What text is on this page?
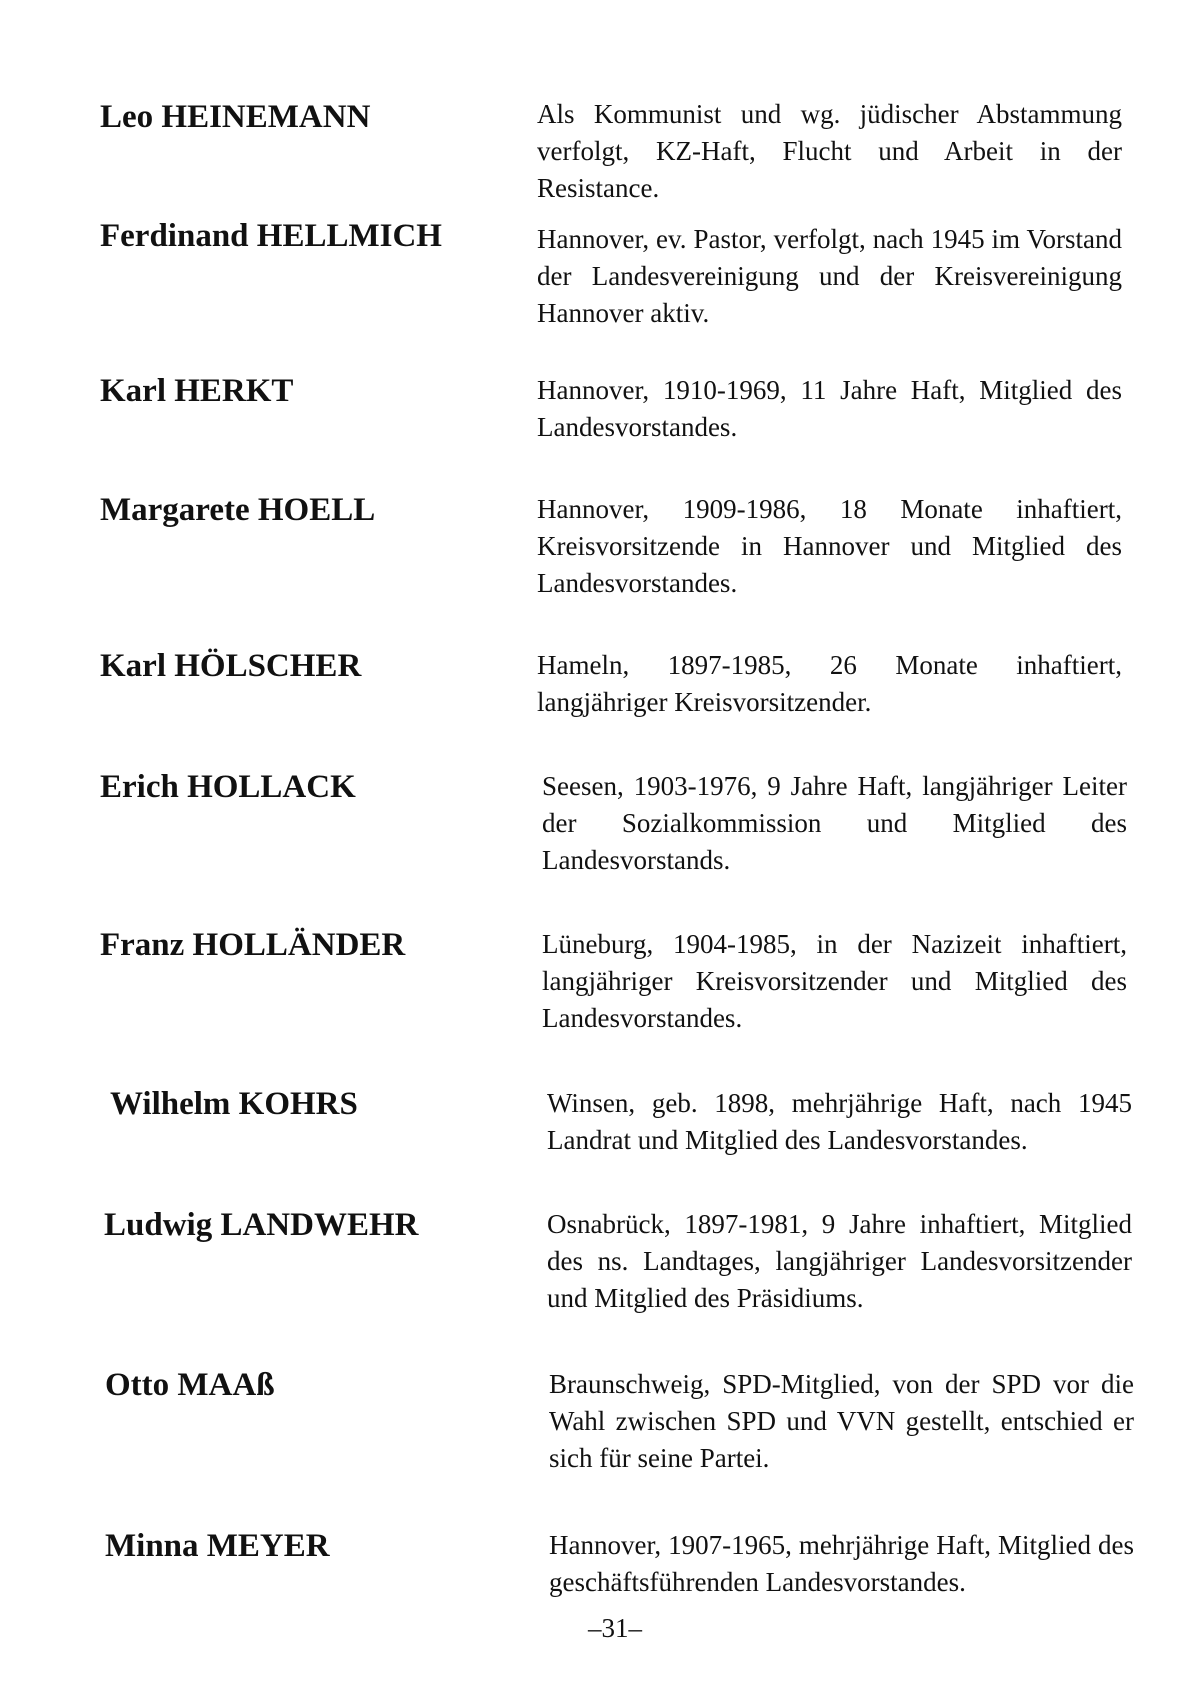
Leo HEINEMANN	Als Kommunist und wg. jüdischer Abstammung verfolgt, KZ-Haft, Flucht und Arbeit in der Resistance.
Ferdinand HELLMICH	Hannover, ev. Pastor, verfolgt, nach 1945 im Vorstand der Landesvereinigung und der Kreisvereinigung Hannover aktiv.
Karl HERKT	Hannover, 1910-1969, 11 Jahre Haft, Mitglied des Landesvorstandes.
Margarete HOELL	Hannover, 1909-1986, 18 Monate inhaftiert, Kreisvorsitzende in Hannover und Mitglied des Landesvorstandes.
Karl HÖLSCHER	Hameln, 1897-1985, 26 Monate inhaftiert, langjähriger Kreisvorsitzender.
Erich HOLLACK	Seesen, 1903-1976, 9 Jahre Haft, langjähriger Leiter der Sozialkommission und Mitglied des Landesvorstands.
Franz HOLLÄNDER	Lüneburg, 1904-1985, in der Nazizeit inhaftiert, langjähriger Kreisvorsitzender und Mitglied des Landesvorstandes.
Wilhelm KOHRS	Winsen, geb. 1898, mehrjährige Haft, nach 1945 Landrat und Mitglied des Landesvorstandes.
Ludwig LANDWEHR	Osnabrück, 1897-1981, 9 Jahre inhaftiert, Mitglied des ns. Landtages, langjähriger Landesvorsitzender und Mitglied des Präsidiums.
Otto MAAß	Braunschweig, SPD-Mitglied, von der SPD vor die Wahl zwischen SPD und VVN gestellt, entschied er sich für seine Partei.
Minna MEYER	Hannover, 1907-1965, mehrjährige Haft, Mitglied des geschäftsführenden Landesvorstandes.
–31–
